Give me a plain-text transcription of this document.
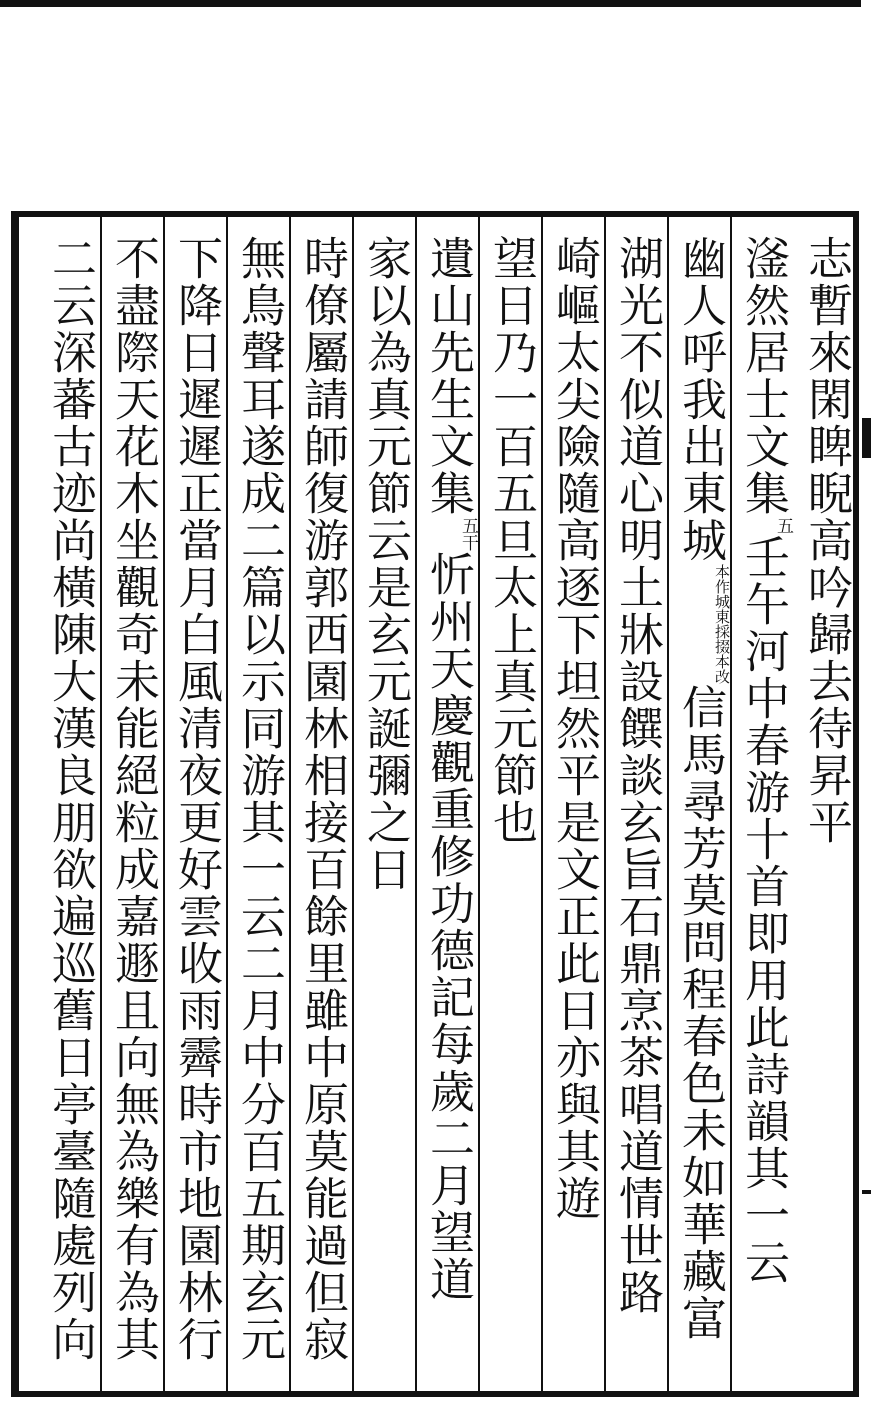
志暫來閑睥睨高吟歸去待昇平
滏然居士文集
五
壬午河中春游十首即用此詩韻其一云
幽人呼我出東城
本作城東採掇本改
信馬尋芳莫問程春色未如華藏富
湖光不似道心明土牀設饌談玄旨石鼎烹茶唱道情世路
崎嶇太尖險隨高逐下坦然平是文正此日亦與其遊
望日乃一百五旦太上真元節也
遺山先生文集
五干
忻州天慶觀重修功德記每歲二月望道
家以為真元節云是玄元誕彌之日
時僚屬請師復游郭西園林相接百餘里雖中原莫能過但寂
無鳥聲耳遂成二篇以示同游其一云二月中分百五期玄元
下降日遲遲正當月白風清夜更好雲收雨霽時市地園林行
不盡際天花木坐觀奇未能絕粒成嘉遯且向無為樂有為其
二云深蕃古迹尚橫陳大漢良朋欲遍巡舊日亭臺隨處列向
